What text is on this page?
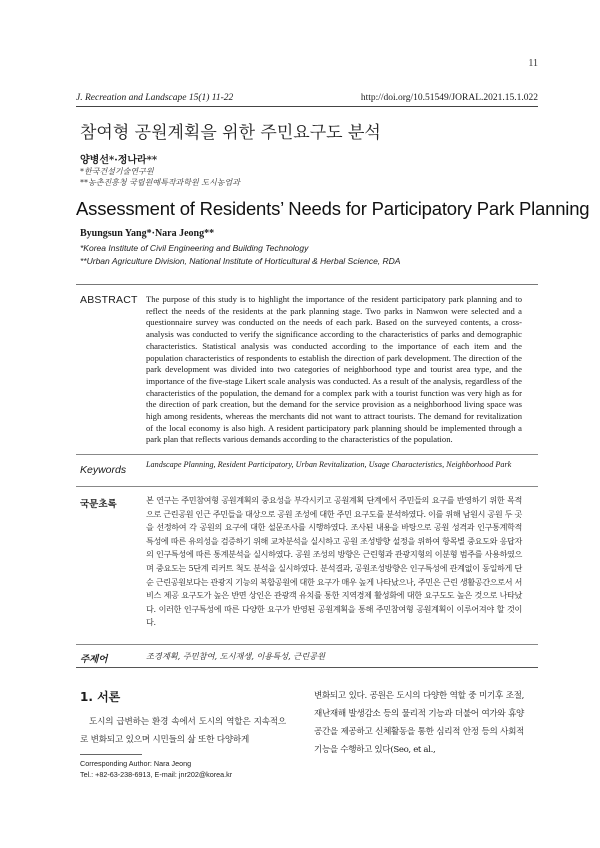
11
J. Recreation and Landscape 15(1) 11-22	http://doi.org/10.51549/JORAL.2021.15.1.022
참여형 공원계획을 위한 주민요구도 분석
양병선*·정나라**
*한국건설기술연구원
**농촌진흥청 국립원예특작과학원 도시농업과
Assessment of Residents’ Needs for Participatory Park Planning
Byungsun Yang*·Nara Jeong**
*Korea Institute of Civil Engineering and Building Technology
**Urban Agriculture Division, National Institute of Horticultural & Herbal Science, RDA
ABSTRACT The purpose of this study is to highlight the importance of the resident participatory park planning and to reflect the needs of the residents at the park planning stage. Two parks in Namwon were selected and a questionnaire survey was conducted on the needs of each park. Based on the surveyed contents, a cross-analysis was conducted to verify the significance according to the characteristics of parks and demographic characteristics. Statistical analysis was conducted according to the importance of each item and the population characteristics of respondents to establish the direction of park development. The direction of the park development was divided into two categories of neighborhood type and tourist area type, and the importance of the five-stage Likert scale analysis was conducted. As a result of the analysis, regardless of the characteristics of the population, the demand for a complex park with a tourist function was very high as for the direction of park creation, but the demand for the service provision as a neighborhood living space was high among residents, whereas the merchants did not want to attract tourists. The demand for revitalization of the local economy is also high. A resident participatory park planning should be implemented through a park plan that reflects various demands according to the characteristics of the population.
Keywords Landscape Planning, Resident Participatory, Urban Revitalization, Usage Characteristics, Neighborhood Park
국문초록	본 연구는 주민참여형 공원계획의 중요성을 부각시키고 공원계획 단계에서 주민들의 요구를 반영하기 위한 목적으로 근린공원 인근 주민들을 대상으로 공원 조성에 대한 주민 요구도를 분석하였다. 이를 위해 남원시 공원 두 곳을 선정하여 각 공원의 요구에 대한 설문조사를 시행하였다. 조사된 내용을 바탕으로 공원 성격과 인구통계학적 특성에 따른 유의성을 검증하기 위해 교차분석을 실시하고 공원 조성방향 설정을 위하여 항목별 중요도와 응답자의 인구특성에 따른 통계분석을 실시하였다. 공원 조성의 방향은 근린형과 관광지형의 이분형 범주를 사용하였으며 중요도는 5단계 리커트 척도 분석을 실시하였다. 분석결과, 공원조성방향은 인구특성에 관계없이 동일하게 단순 근린공원보다는 관광지 기능의 복합공원에 대한 요구가 매우 높게 나타났으나, 주민은 근린 생활공간으로서 서비스 제공 요구도가 높은 반면 상인은 관광객 유치를 통한 지역경제 활성화에 대한 요구도도 높은 것으로 나타났다. 이러한 인구특성에 따른 다양한 요구가 반영된 공원계획을 통해 주민참여형 공원계획이 이루어져야 할 것이다.
주제어	조경계획, 주민참여, 도시재생, 이용특성, 근린공원
1. 서론
도시의 급변하는 환경 속에서 도시의 역할은 지속적으로 변화되고 있으며 시민들의 삶 또한 다양하게
변화되고 있다. 공원은 도시의 다양한 역할 중 미기후 조절, 재난재해 발생감소 등의 물리적 기능과 더불어 여가와 휴양공간을 제공하고 신체활동을 통한 심리적 안정 등의 사회적 기능을 수행하고 있다(Seo, et al.,
Corresponding Author: Nara Jeong
Tel.: +82-63-238-6913, E-mail: jnr202@korea.kr
